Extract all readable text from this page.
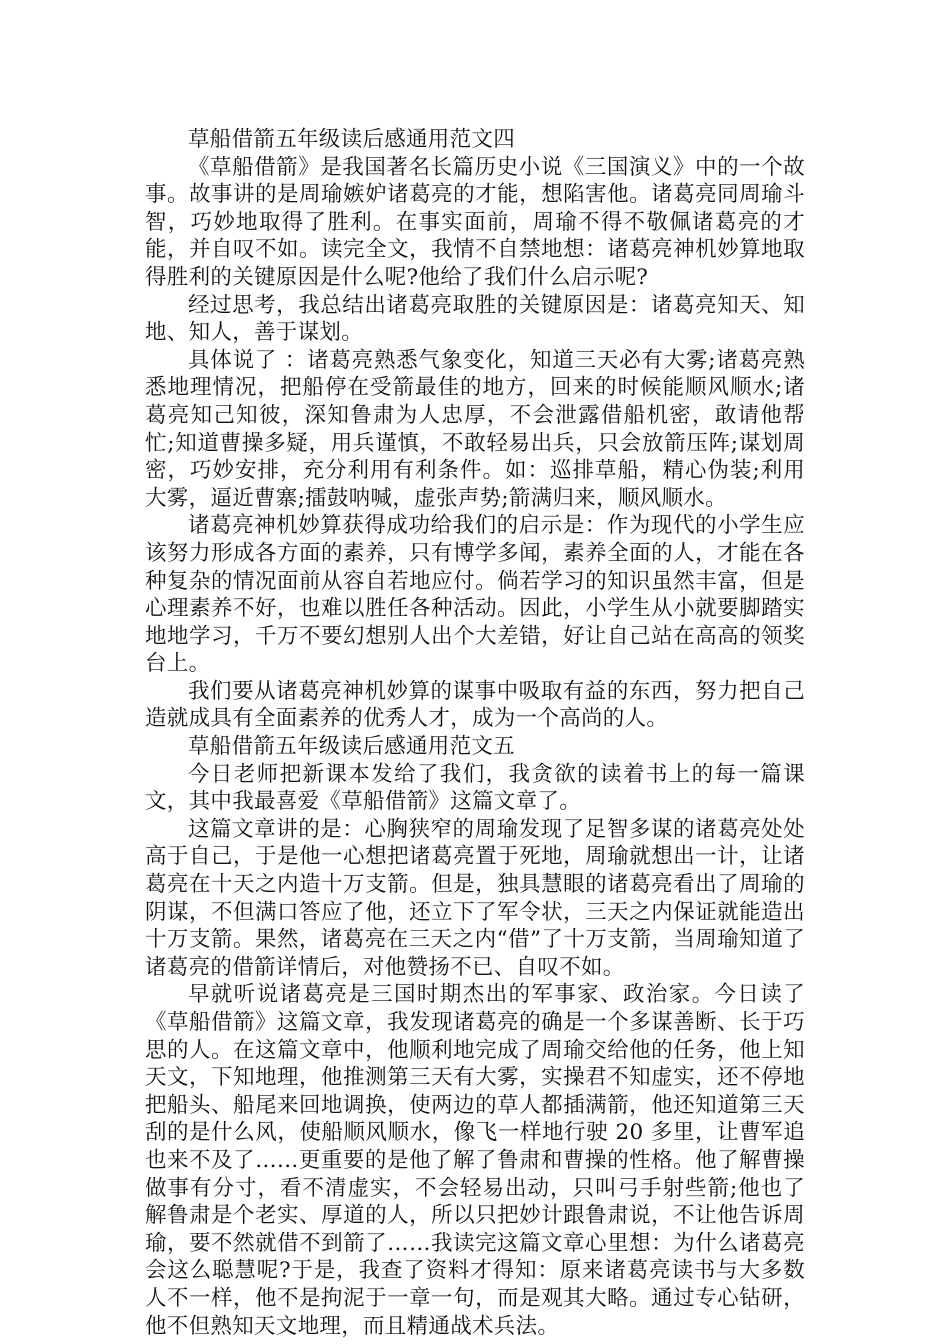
草船借箭五年级读后感通用范文四

《草船借箭》是我国著名长篇历史小说《三国演义》中的一个故事。故事讲的是周瑜嫉妒诸葛亮的才能，想陷害他。诸葛亮同周瑜斗智，巧妙地取得了胜利。在事实面前，周瑜不得不敬佩诸葛亮的才能，并自叹不如。读完全文，我情不自禁地想：诸葛亮神机妙算地取得胜利的关键原因是什么呢?他给了我们什么启示呢?

经过思考，我总结出诸葛亮取胜的关键原因是：诸葛亮知天、知地、知人，善于谋划。

具体说了 ：诸葛亮熟悉气象变化，知道三天必有大雾;诸葛亮熟悉地理情况，把船停在受箭最佳的地方，回来的时候能顺风顺水;诸葛亮知己知彼，深知鲁肃为人忠厚，不会泄露借船机密，敢请他帮忙;知道曹操多疑，用兵谨慎，不敢轻易出兵，只会放箭压阵;谋划周密，巧妙安排，充分利用有利条件。如：巡排草船，精心伪装;利用大雾，逼近曹寨;擂鼓呐喊，虚张声势;箭满归来，顺风顺水。

诸葛亮神机妙算获得成功给我们的启示是：作为现代的小学生应该努力形成各方面的素养，只有博学多闻，素养全面的人，才能在各种复杂的情况面前从容自若地应付。倘若学习的知识虽然丰富，但是心理素养不好，也难以胜任各种活动。因此，小学生从小就要脚踏实地地学习，千万不要幻想别人出个大差错，好让自己站在高高的领奖台上。

我们要从诸葛亮神机妙算的谋事中吸取有益的东西，努力把自己造就成具有全面素养的优秀人才，成为一个高尚的人。

草船借箭五年级读后感通用范文五

今日老师把新课本发给了我们，我贪欲的读着书上的每一篇课文，其中我最喜爱《草船借箭》这篇文章了。

这篇文章讲的是：心胸狭窄的周瑜发现了足智多谋的诸葛亮处处高于自己，于是他一心想把诸葛亮置于死地，周瑜就想出一计，让诸葛亮在十天之内造十万支箭。但是，独具慧眼的诸葛亮看出了周瑜的阴谋，不但满口答应了他，还立下了军令状，三天之内保证就能造出十万支箭。果然，诸葛亮在三天之内“借”了十万支箭，当周瑜知道了诸葛亮的借箭详情后，对他赞扬不已、自叹不如。

早就听说诸葛亮是三国时期杰出的军事家、政治家。今日读了《草船借箭》这篇文章，我发现诸葛亮的确是一个多谋善断、长于巧思的人。在这篇文章中，他顺利地完成了周瑜交给他的任务，他上知天文，下知地理，他推测第三天有大雾，实操君不知虚实，还不停地把船头、船尾来回地调换，使两边的草人都插满箭，他还知道第三天刮的是什么风，使船顺风顺水，像飞一样地行驶 20 多里，让曹军追也来不及了……更重要的是他了解了鲁肃和曹操的性格。他了解曹操做事有分寸，看不清虚实，不会轻易出动，只叫弓手射些箭;他也了解鲁肃是个老实、厚道的人，所以只把妙计跟鲁肃说，不让他告诉周瑜，要不然就借不到箭了……我读完这篇文章心里想：为什么诸葛亮会这么聪慧呢?于是，我查了资料才得知：原来诸葛亮读书与大多数人不一样，他不是拘泥于一章一句，而是观其大略。通过专心钻研，他不但熟知天文地理，而且精通战术兵法。
